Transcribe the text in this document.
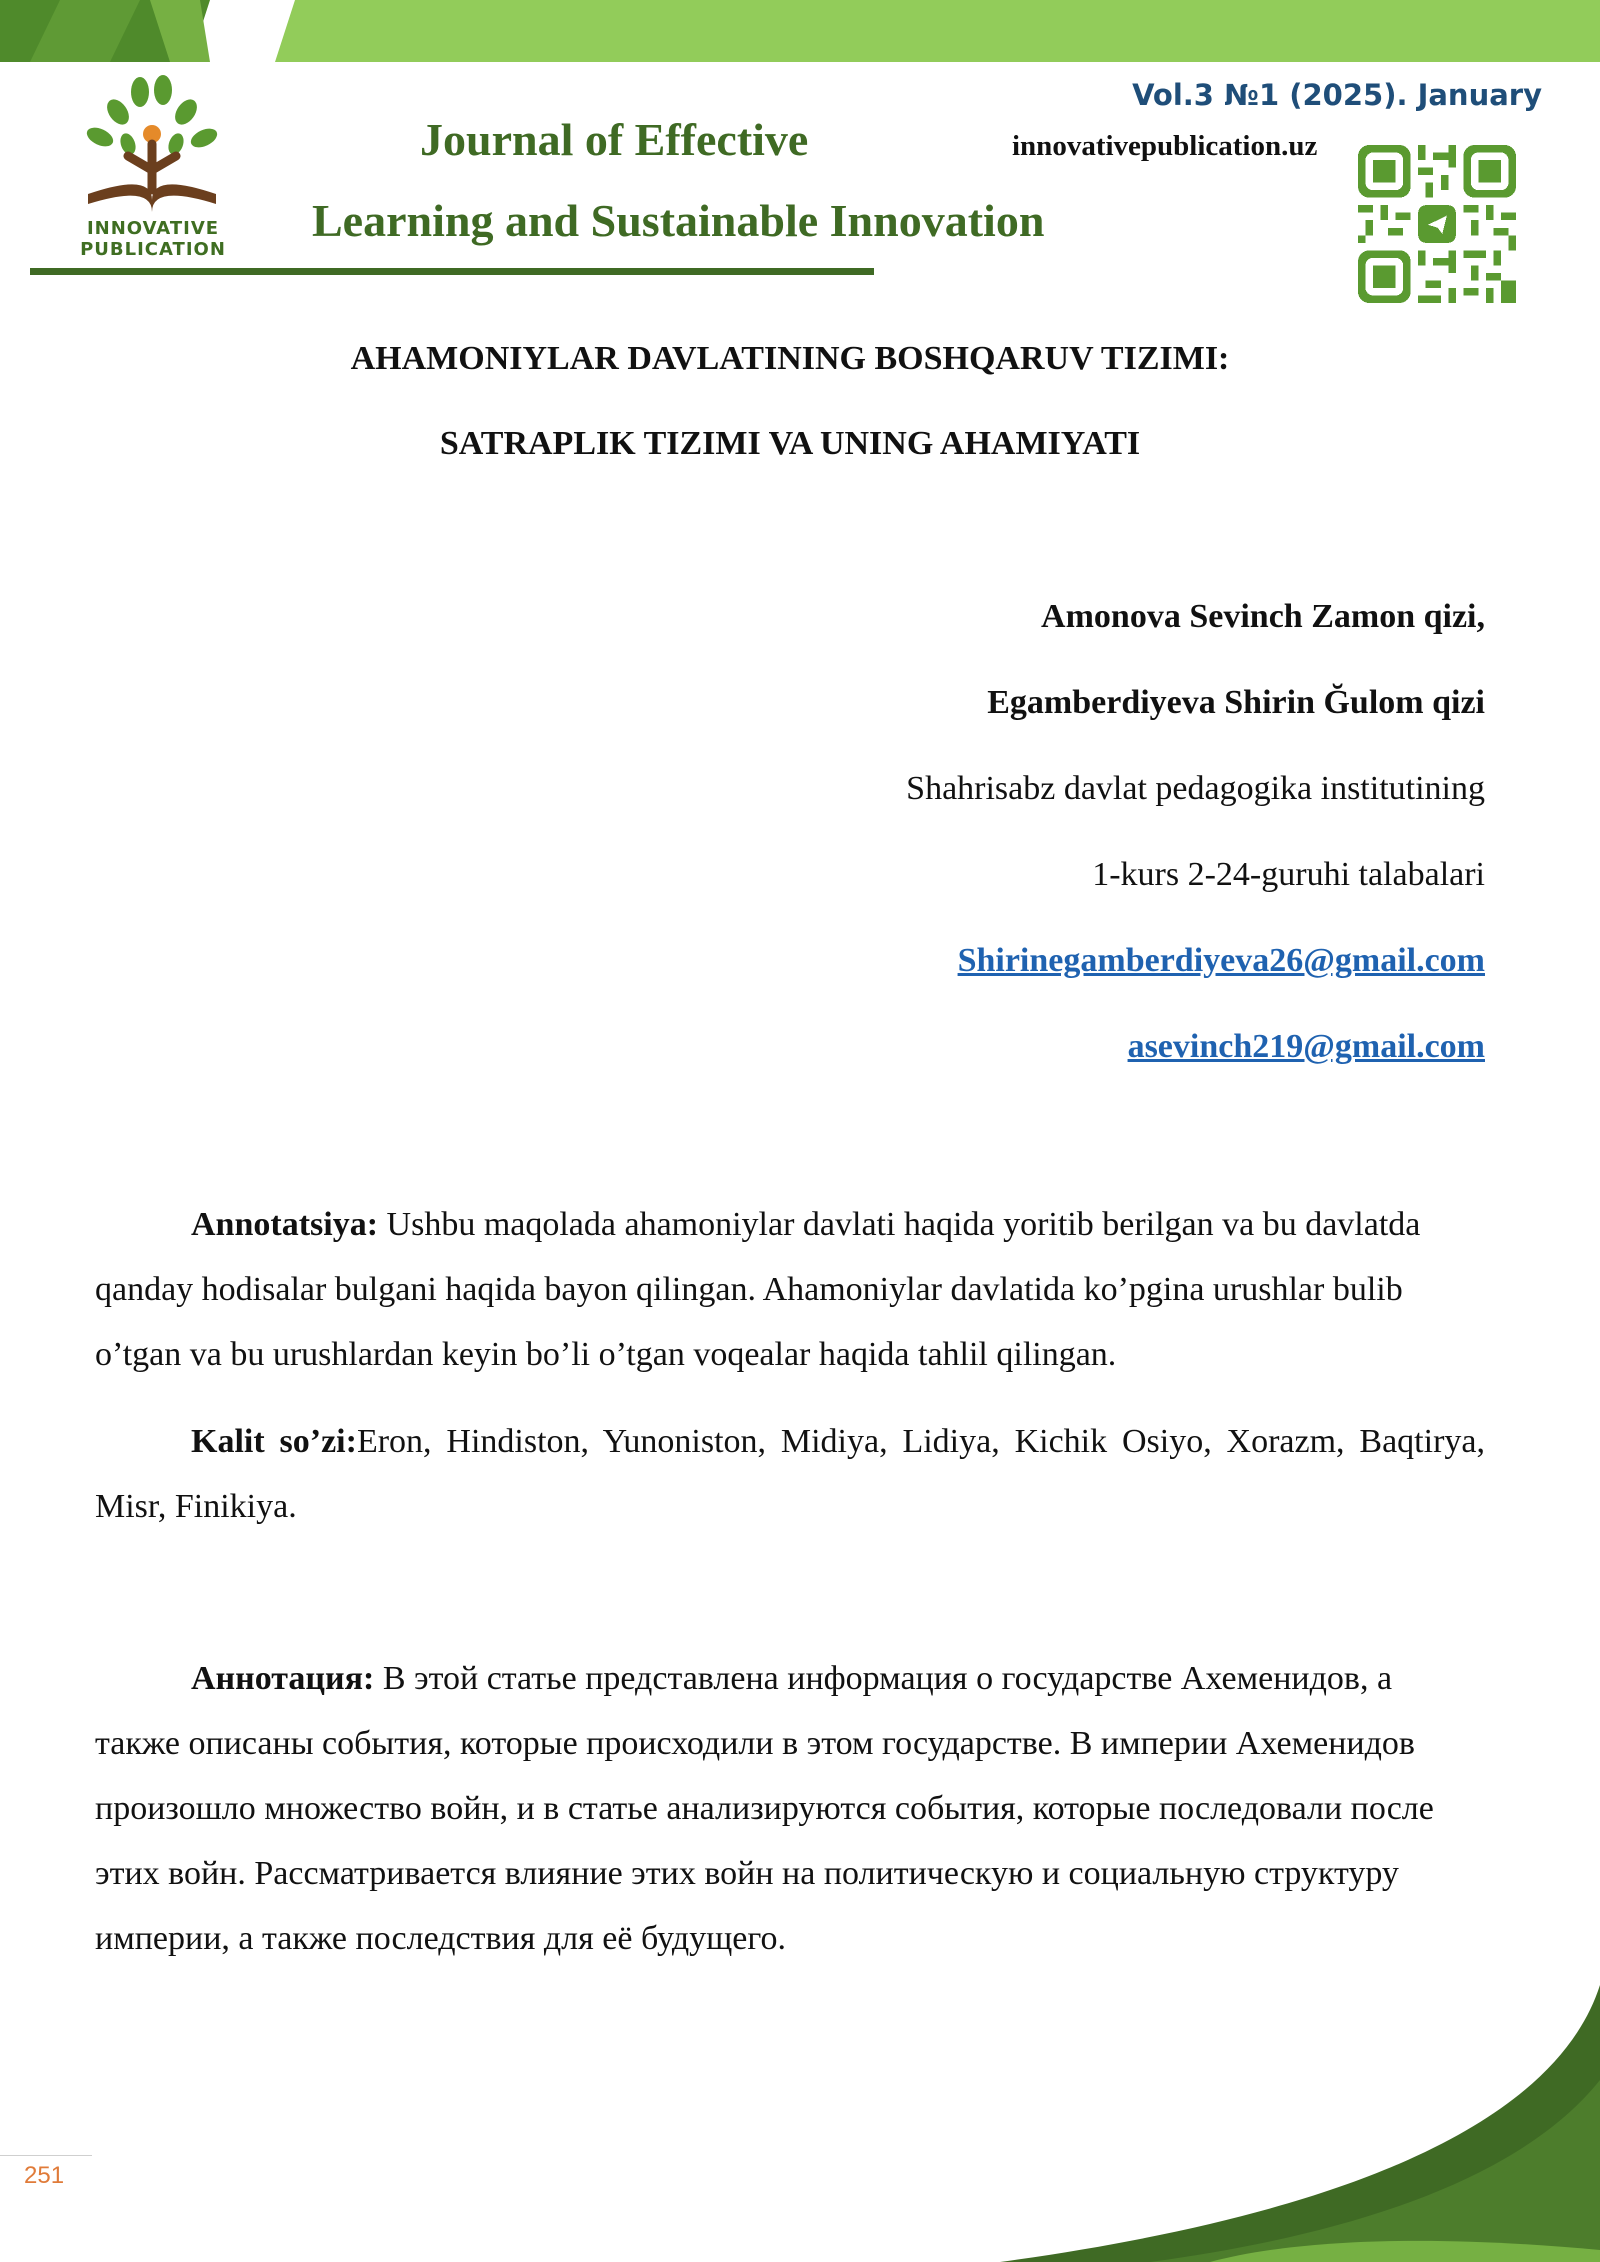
INNOVATIVE PUBLICATION
Journal of Effective
Learning and Sustainable Innovation
Vol.3 №1 (2025). January
innovativepublication.uz
AHAMONIYLAR DAVLATINING BOSHQARUV TIZIMI:
SATRAPLIK TIZIMI VA UNING AHAMIYATI
Amonova Sevinch Zamon qizi,
Egamberdiyeva Shirin Ğulom qizi
Shahrisabz davlat pedagogika institutining
1-kurs 2-24-guruhi talabalari
Shirinegamberdiyeva26@gmail.com
asevinch219@gmail.com
Annotatsiya: Ushbu maqolada ahamoniylar davlati haqida yoritib berilgan va bu davlatda qanday hodisalar bulgani haqida bayon qilingan. Ahamoniylar davlatida ko’pgina urushlar bulib o’tgan va bu urushlardan keyin bo’li o’tgan voqealar haqida tahlil qilingan.
Kalit so’zi:Eron, Hindiston, Yunoniston, Midiya, Lidiya, Kichik Osiyo, Xorazm, Baqtirya, Misr, Finikiya.
Аннотация: В этой статье представлена информация о государстве Ахеменидов, а также описаны события, которые происходили в этом государстве. В империи Ахеменидов произошло множество войн, и в статье анализируются события, которые последовали после этих войн. Рассматривается влияние этих войн на политическую и социальную структуру империи, а также последствия для её будущего.
251
